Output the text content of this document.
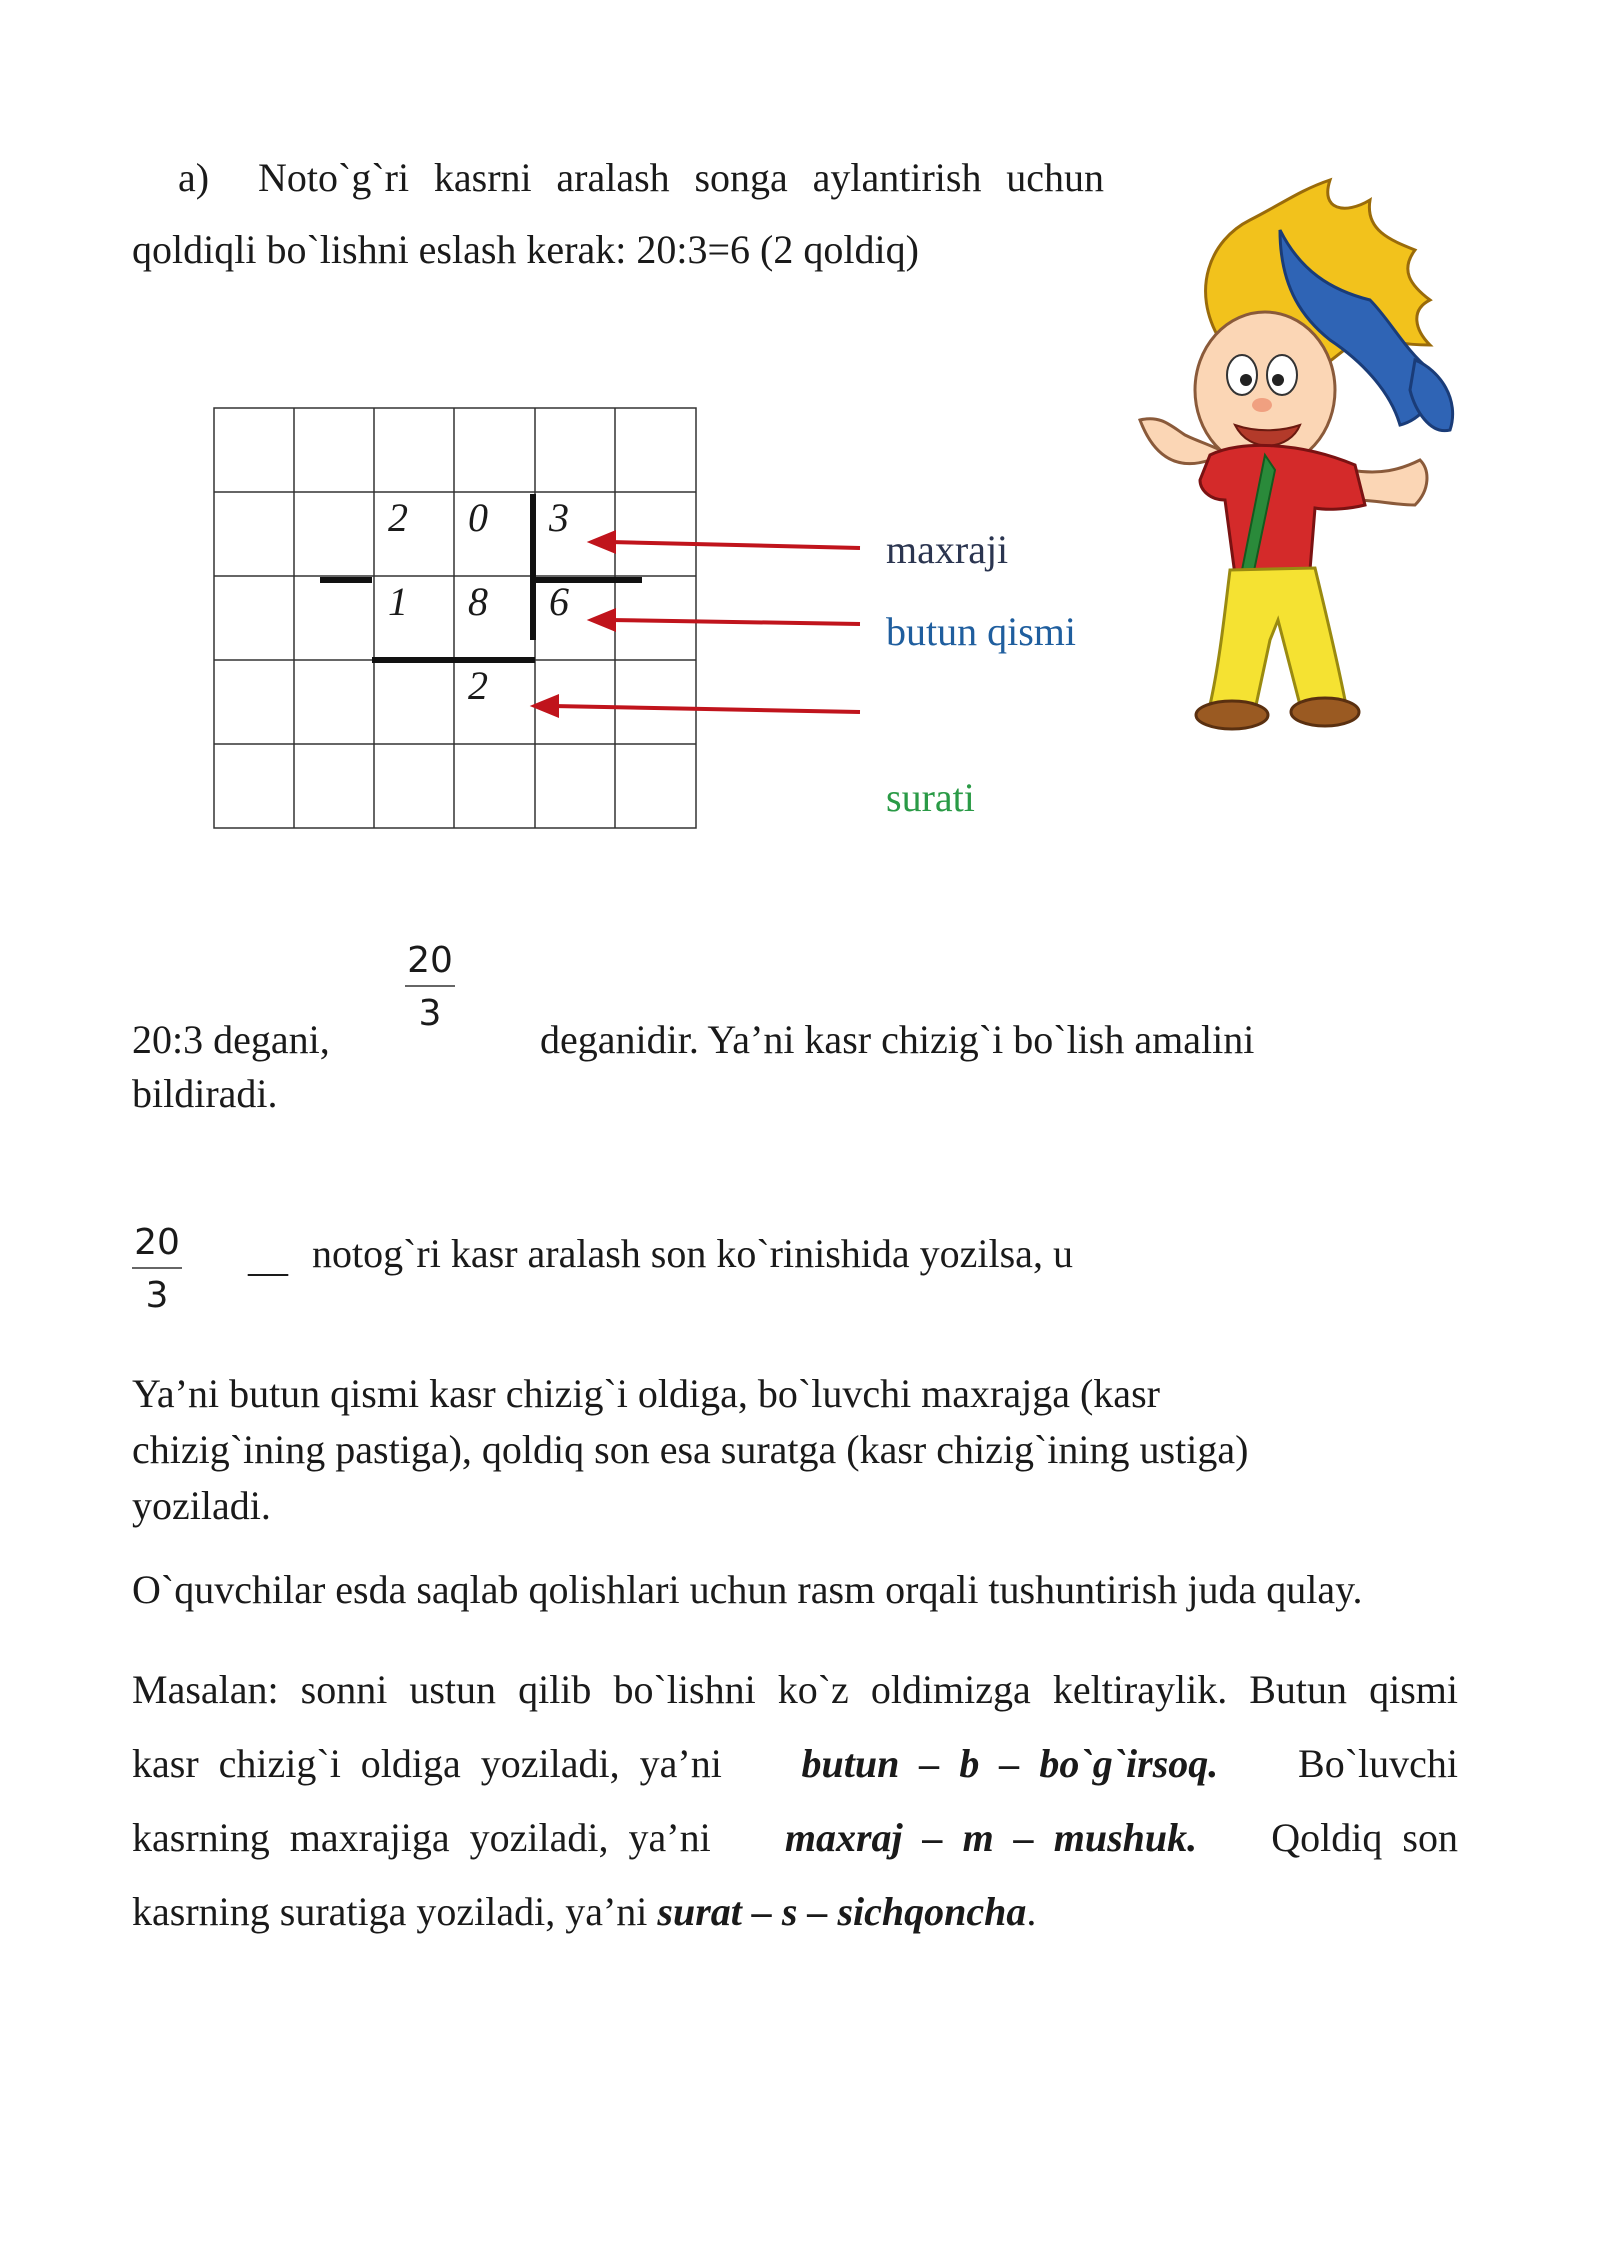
a) Noto`g`ri kasrni aralash songa aylantirish uchun
qoldiqli bo`lishni eslash kerak: 20:3=6 (2 qoldiq)
2 0 3
1 8 6
2
maxraji
butun qismi
surati
20:3 degani,
20
3
deganidir. Ya’ni kasr chizig`i bo`lish amalini
bildiradi.
20
3
__ notog`ri kasr aralash son ko`rinishida yozilsa, u
Ya’ni butun qismi kasr chizig`i oldiga, bo`luvchi maxrajga (kasr
chizig`ining pastiga), qoldiq son esa suratga (kasr chizig`ining ustiga)
yoziladi.
O`quvchilar esda saqlab qolishlari uchun rasm orqali tushuntirish juda qulay.
Masalan: sonni ustun qilib bo`lishni ko`z oldimizga keltiraylik. Butun qismi
kasr  chizig`i  oldiga  yoziladi,  ya’ni butun  –  b  –  bo`g`irsoq. Bo`luvchi
kasrning  maxrajiga  yoziladi,  ya’ni maxraj  –  m  –  mushuk. Qoldiq  son
kasrning suratiga yoziladi, ya’ni surat – s – sichqoncha.
